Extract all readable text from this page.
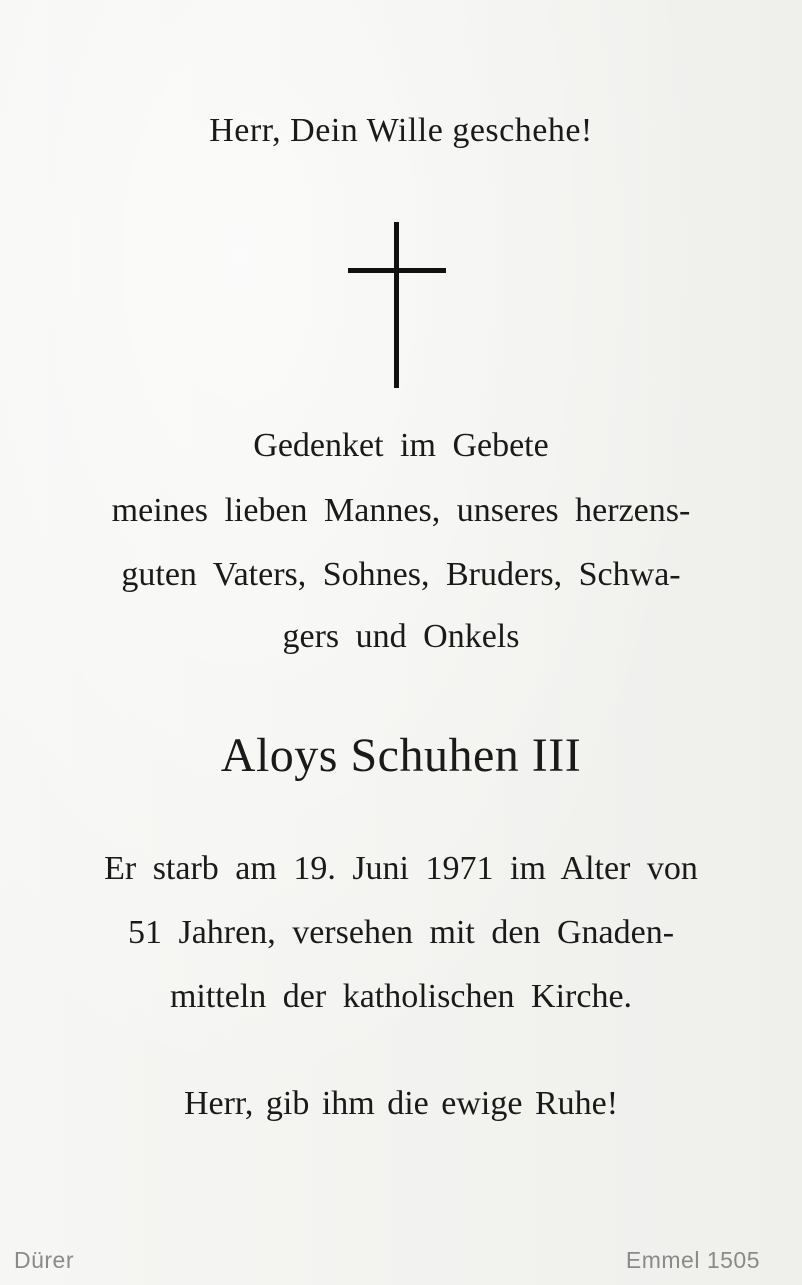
Herr, Dein Wille geschehe!
Gedenket im Gebete
meines lieben Mannes, unseres herzens-
guten Vaters, Sohnes, Bruders, Schwa-
gers und Onkels
Aloys Schuhen III
Er starb am 19. Juni 1971 im Alter von
51 Jahren, versehen mit den Gnaden-
mitteln der katholischen Kirche.
Herr, gib ihm die ewige Ruhe!
Dürer	Emmel 1505
